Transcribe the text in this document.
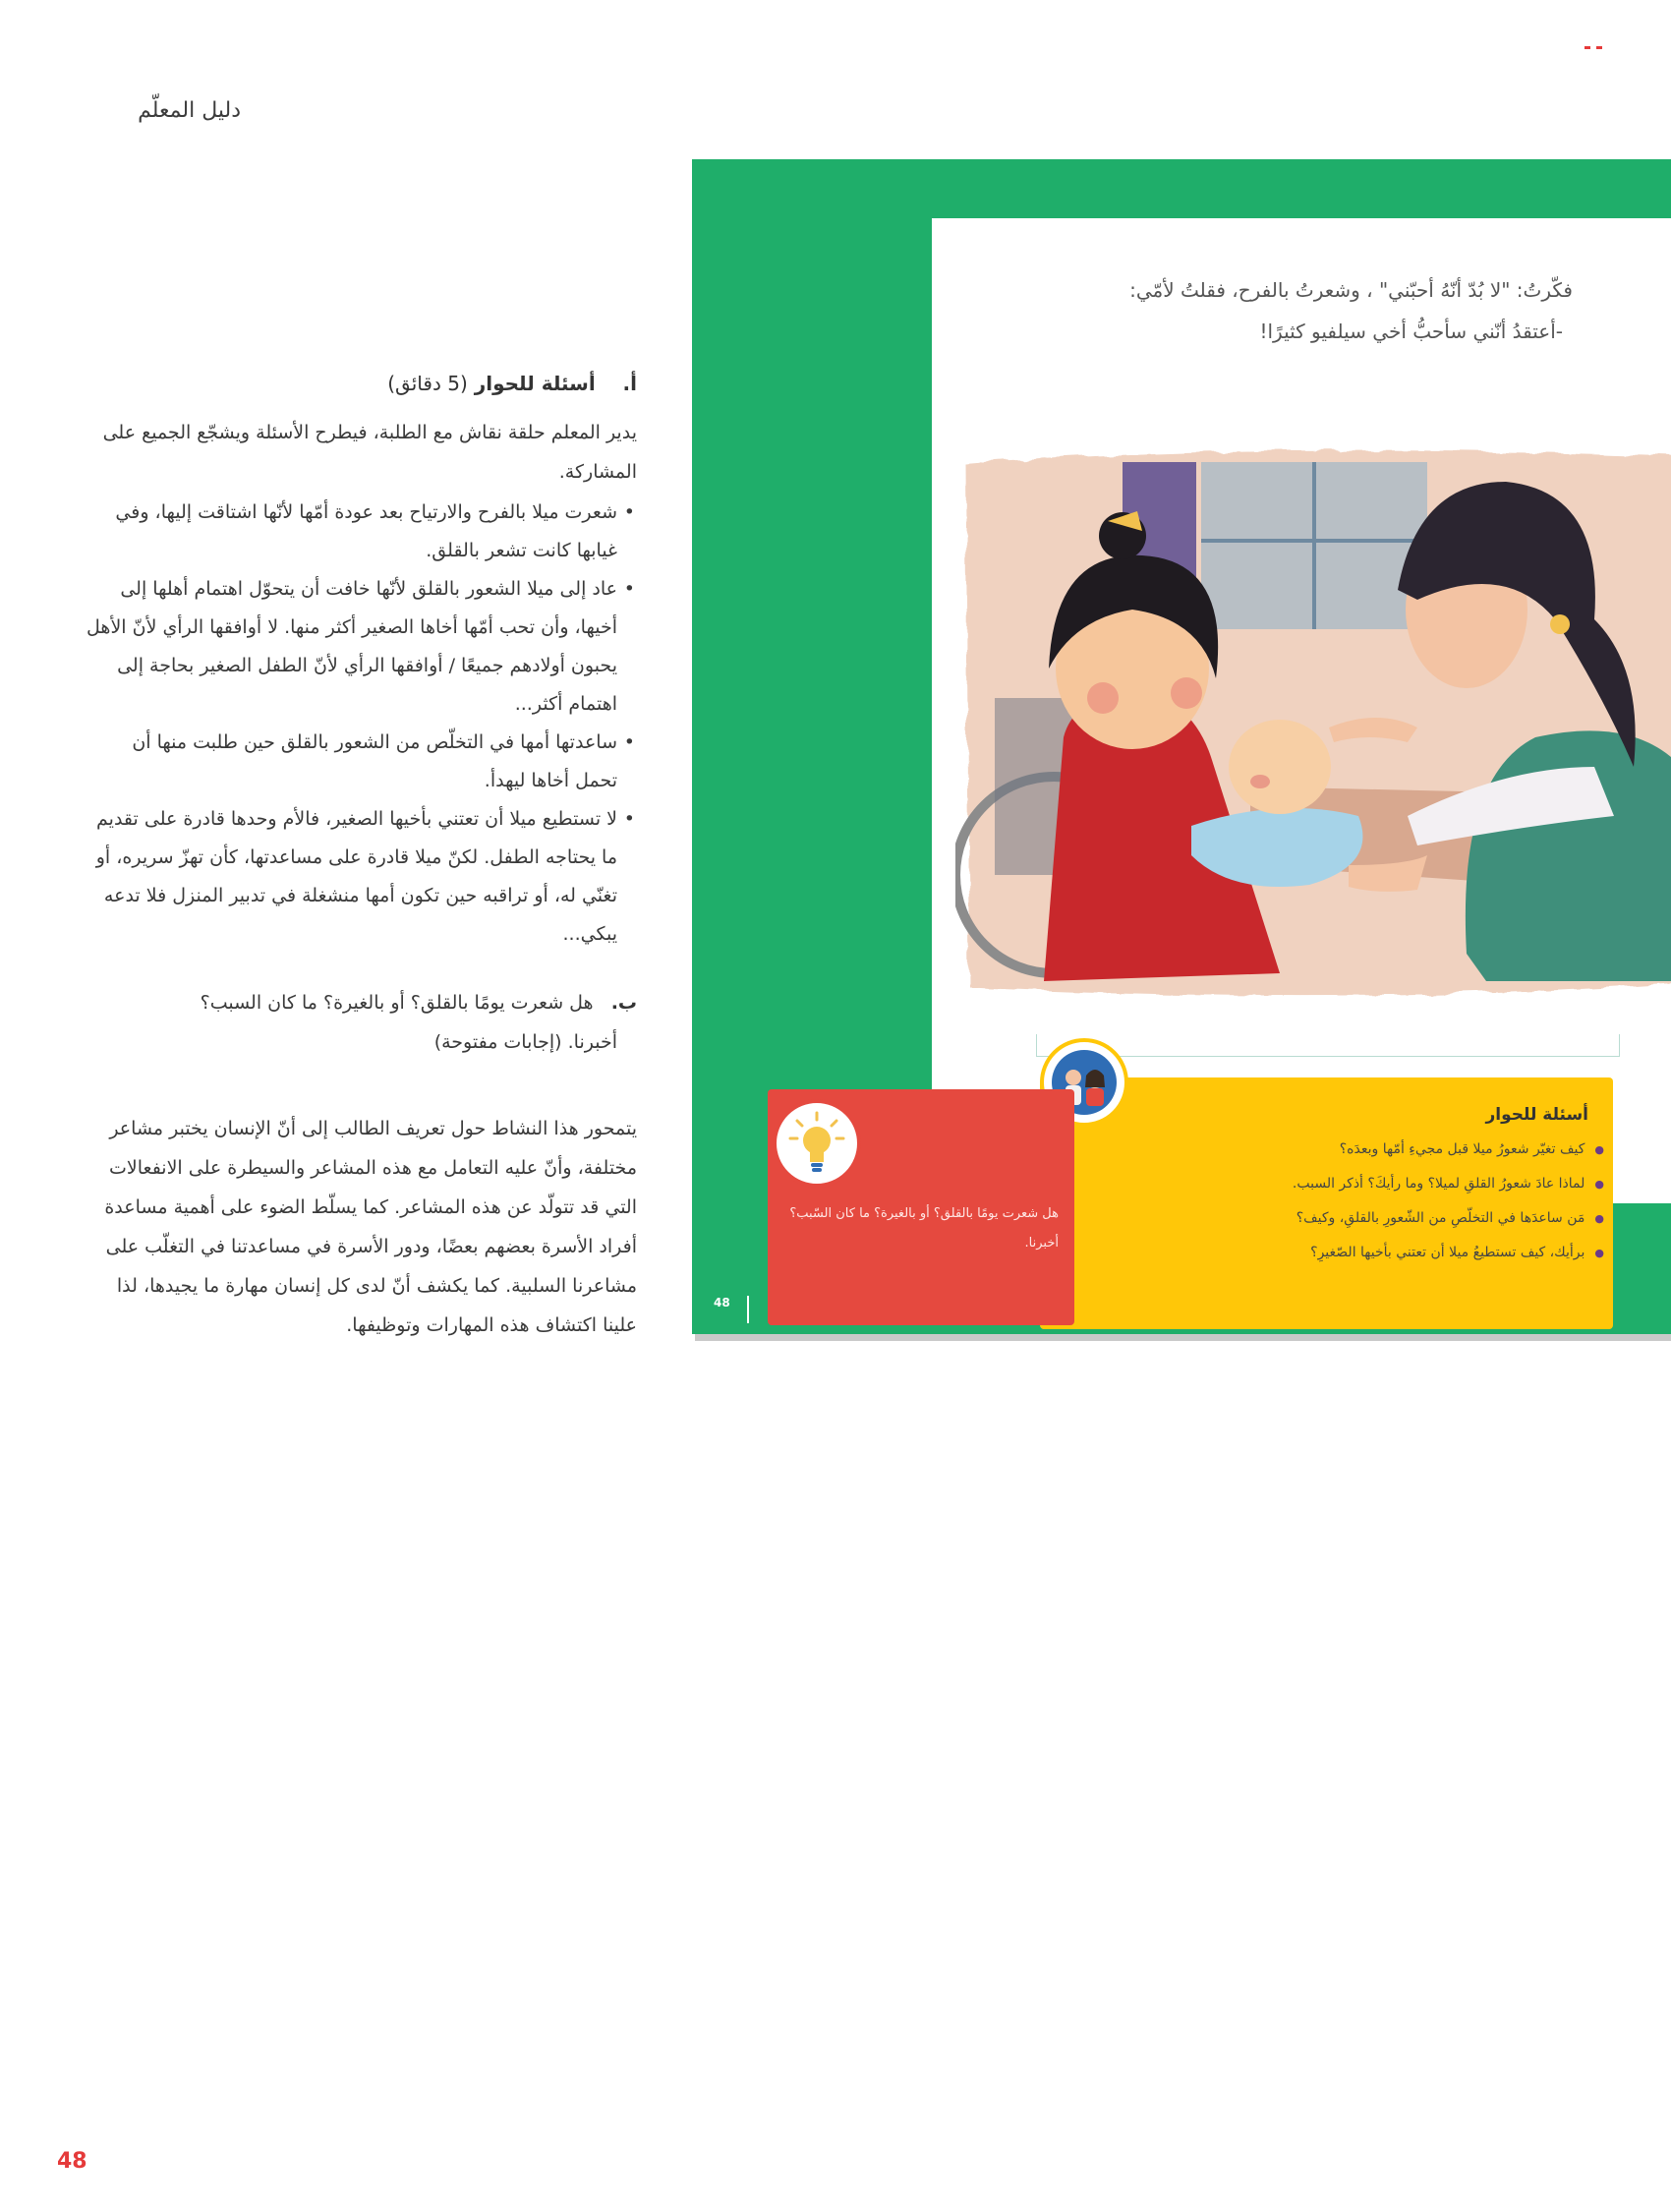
دليل المعلّم
فكّرتُ: "لا بُدّ أنّهُ أحبّني" ، وشعرتُ بالفرح، فقلتُ لأمّي:
-أعتقدُ أنّني سأحبُّ أخي سيلفيو كثيرًا!
أسئلة للحوار
● كيف تغيّر شعورُ ميلا قبل مجيءِ أمّها وبعدَه؟
● لماذا عادَ شعورُ القلقِ لميلا؟ وما رأيكَ؟ أذكر السبب.
● مَن ساعدَها في التخلّصِ من الشّعورِ بالقلقِ، وكيف؟
● برأيك، كيف تستطيعُ ميلا أن تعتني بأخيها الصّغيرِ؟
هل شعرت يومًا بالقلق؟ أو بالغيرة؟ ما كان السّبب؟ أخبرنا.
48
أ.    أسئلة للحوار (5 دقائق)
يدير المعلم حلقة نقاش مع الطلبة، فيطرح الأسئلة ويشجّع الجميع على المشاركة.
• شعرت ميلا بالفرح والارتياح بعد عودة أمّها لأنّها اشتاقت إليها، وفي غيابها كانت تشعر بالقلق.
• عاد إلى ميلا الشعور بالقلق لأنّها خافت أن يتحوّل اهتمام أهلها إلى أخيها، وأن تحب أمّها أخاها الصغير أكثر منها. لا أوافقها الرأي لأنّ الأهل يحبون أولادهم جميعًا / أوافقها الرأي لأنّ الطفل الصغير بحاجة إلى اهتمام أكثر...
• ساعدتها أمها في التخلّص من الشعور بالقلق حين طلبت منها أن تحمل أخاها ليهدأ.
• لا تستطيع ميلا أن تعتني بأخيها الصغير، فالأم وحدها قادرة على تقديم ما يحتاجه الطفل. لكنّ ميلا قادرة على مساعدتها، كأن تهزّ سريره، أو تغنّي له، أو تراقبه حين تكون أمها منشغلة في تدبير المنزل فلا تدعه يبكي...
ب.   هل شعرت يومًا بالقلق؟ أو بالغيرة؟ ما كان السبب؟
أخبرنا. (إجابات مفتوحة)
يتمحور هذا النشاط حول تعريف الطالب إلى أنّ الإنسان يختبر مشاعر مختلفة، وأنّ عليه التعامل مع هذه المشاعر والسيطرة على الانفعالات التي قد تتولّد عن هذه المشاعر. كما يسلّط الضوء على أهمية مساعدة أفراد الأسرة بعضهم بعضًا، ودور الأسرة في مساعدتنا في التغلّب على مشاعرنا السلبية. كما يكشف أنّ لدى كل إنسان مهارة ما يجيدها، لذا علينا اكتشاف هذه المهارات وتوظيفها.
48
